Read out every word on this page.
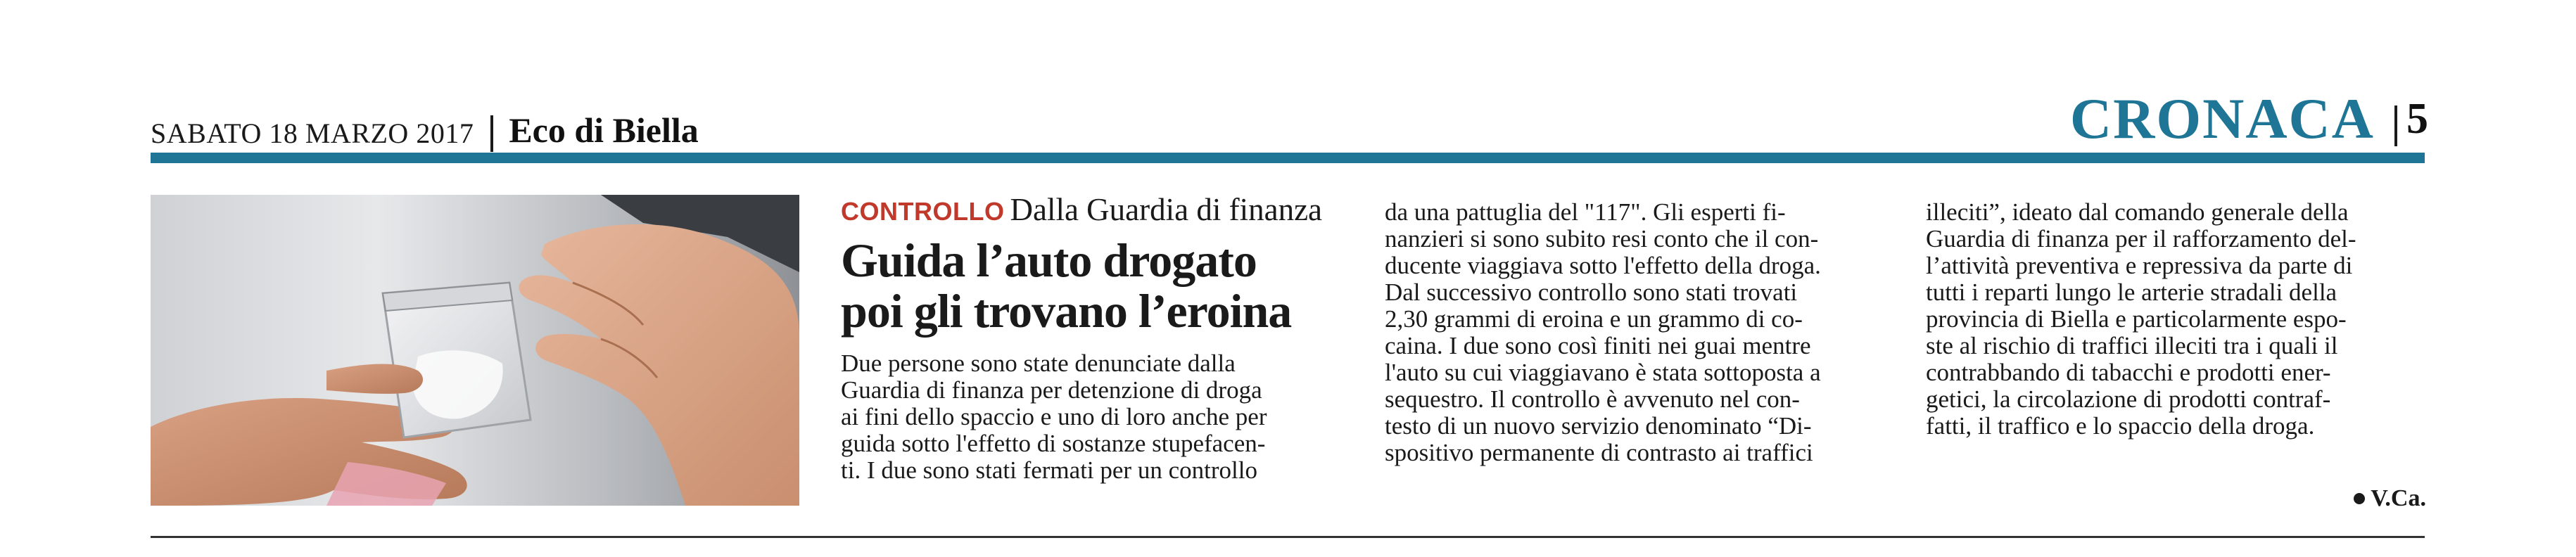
SABATO 18 MARZO 2017 Eco di Biella	CRONACA 5
CONTROLLO Dalla Guardia di finanza
Guida l’auto drogato
poi gli trovano l’eroina
Due persone sono state denunciate dalla
Guardia di finanza per detenzione di droga
ai fini dello spaccio e uno di loro anche per
guida sotto l'effetto di sostanze stupefacen-
ti. I due sono stati fermati per un controllo
da una pattuglia del "117". Gli esperti fi-
nanzieri si sono subito resi conto che il con-
ducente viaggiava sotto l'effetto della droga.
Dal successivo controllo sono stati trovati
2,30 grammi di eroina e un grammo di co-
caina. I due sono così finiti nei guai mentre
l'auto su cui viaggiavano è stata sottoposta a
sequestro. Il controllo è avvenuto nel con-
testo di un nuovo servizio denominato “Di-
spositivo permanente di contrasto ai traffici
illeciti”, ideato dal comando generale della
Guardia di finanza per il rafforzamento del-
l’attività preventiva e repressiva da parte di
tutti i reparti lungo le arterie stradali della
provincia di Biella e particolarmente espo-
ste al rischio di traffici illeciti tra i quali il
contrabbando di tabacchi e prodotti ener-
getici, la circolazione di prodotti contraf-
fatti, il traffico e lo spaccio della droga.
V.Ca.
